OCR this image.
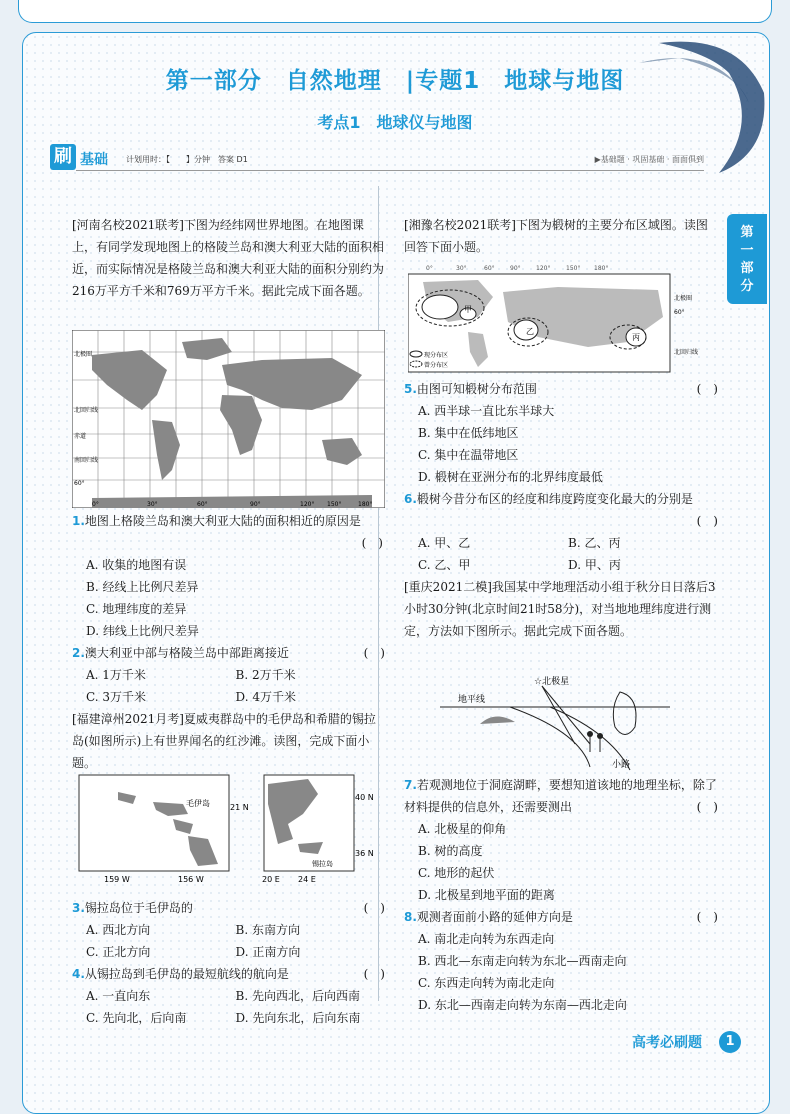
第一部分　 自然地理　 |专题1　 地球与地图
考点1　地球仪与地图
刷 基础 计划用时：【　　】分钟　答案 D1	▶基础题 · 巩固基础 · 面面俱到
第
一
部
分

[河南名校2021联考]下图为经纬网世界地图。在地图课上，有同学发现地图上的格陵兰岛和澳大利亚大陆的面积相近，而实际情况是格陵兰岛和澳大利亚大陆的面积分别约为216万平方千米和769万平方千米。据此完成下面各题。

北极圈
北回归线
赤道
南回归线
60°
0°	30°	60°	90°	120° 150°	180°

1.地图上格陵兰岛和澳大利亚大陆的面积相近的原因是

(　)

A. 收集的地图有误

B. 经线上比例尺差异

C. 地理纬度的差异

D. 纬线上比例尺差异

2.澳大利亚中部与格陵兰岛中部距离接近	(　)

A. 1万千米	B. 2万千米
C. 3万千米	D. 4万千米

[福建漳州2021月考]夏威夷群岛中的毛伊岛和希腊的锡拉岛(如图所示)上有世界闻名的红沙滩。读图，完成下面小题。

毛伊岛	21 N
159 W	156 W
锡拉岛
40 N
36 N
20 E 24 E

3.锡拉岛位于毛伊岛的	(　)

A. 西北方向	B. 东南方向
C. 正北方向	D. 正南方向

4.从锡拉岛到毛伊岛的最短航线的航向是	(　)

A. 一直向东	B. 先向西北，后向西南
C. 先向北，后向南	D. 先向东北，后向东南

[湘豫名校2021联考]下图为椴树的主要分布区域图。读图回答下面小题。

0°	30°	60°	90°	120°	150° 180°
甲
乙
丙
北极圈
60°
北回归线
现分布区
曾分布区

5.由图可知椴树分布范围	(　)

A. 西半球一直比东半球大

B. 集中在低纬地区

C. 集中在温带地区

D. 椴树在亚洲分布的北界纬度最低

6.椴树今昔分布区的经度和纬度跨度变化最大的分别是

(　)

A. 甲、乙	B. 乙、丙
C. 乙、甲	D. 甲、丙

[重庆2021二模]我国某中学地理活动小组于秋分日日落后3小时30分钟(北京时间21时58分)，对当地地理纬度进行测定，方法如下图所示。据此完成下面各题。

☆北极星
地平线
小路

7.若观测地位于洞庭湖畔，要想知道该地的地理坐标，除了材料提供的信息外，还需要测出	(　)

A. 北极星的仰角

B. 树的高度

C. 地形的起伏

D. 北极星到地平面的距离

8.观测者面前小路的延伸方向是	(　)

A. 南北走向转为东西走向

B. 西北—东南走向转为东北—西南走向

C. 东西走向转为南北走向

D. 东北—西南走向转为东南—西北走向

高考必刷题	1
